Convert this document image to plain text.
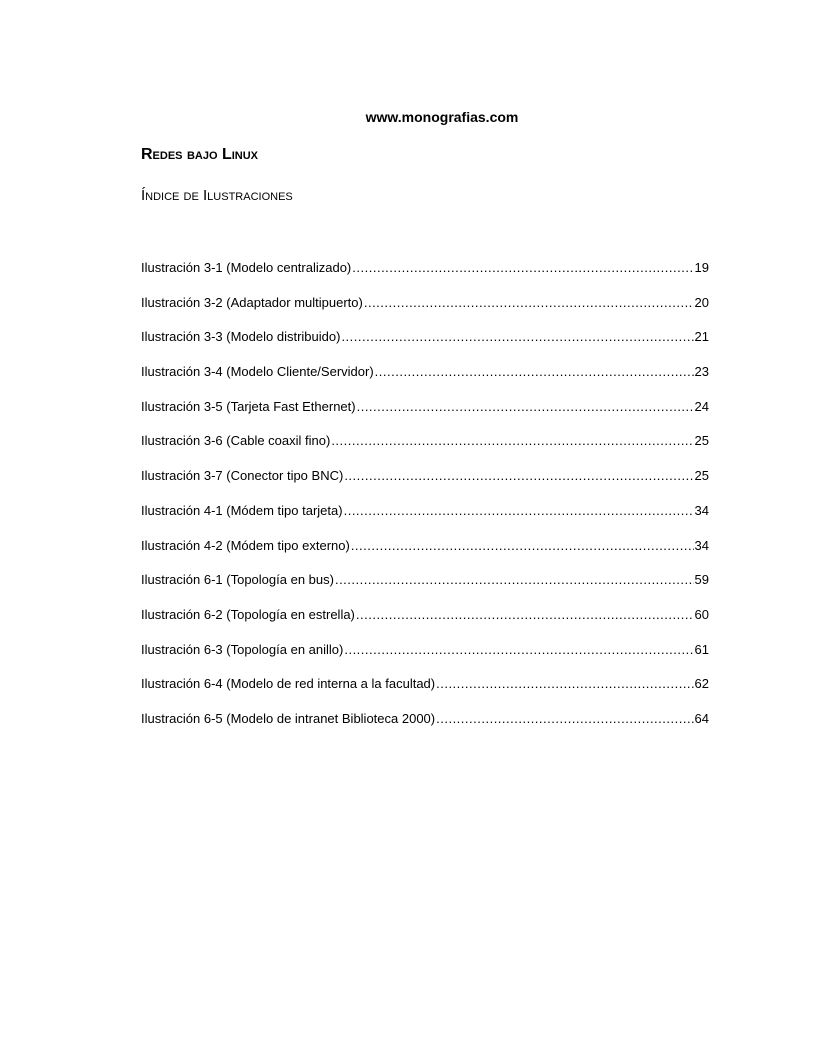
www.monografias.com
Redes bajo Linux
Índice de Ilustraciones
Ilustración 3-1 (Modelo centralizado) .....	19
Ilustración 3-2 (Adaptador multipuerto) .....	20
Ilustración 3-3 (Modelo distribuido) .....	21
Ilustración 3-4 (Modelo Cliente/Servidor) .....	23
Ilustración 3-5 (Tarjeta Fast Ethernet) .....	24
Ilustración 3-6 (Cable coaxil fino) .....	25
Ilustración 3-7 (Conector tipo BNC) .....	25
Ilustración 4-1 (Módem tipo tarjeta) .....	34
Ilustración 4-2 (Módem tipo externo) .....	34
Ilustración 6-1 (Topología en bus) .....	59
Ilustración 6-2 (Topología en estrella) .....	60
Ilustración 6-3 (Topología en anillo) .....	61
Ilustración 6-4 (Modelo de red interna a la facultad) .....	62
Ilustración 6-5 (Modelo de intranet Biblioteca 2000) .....	64
